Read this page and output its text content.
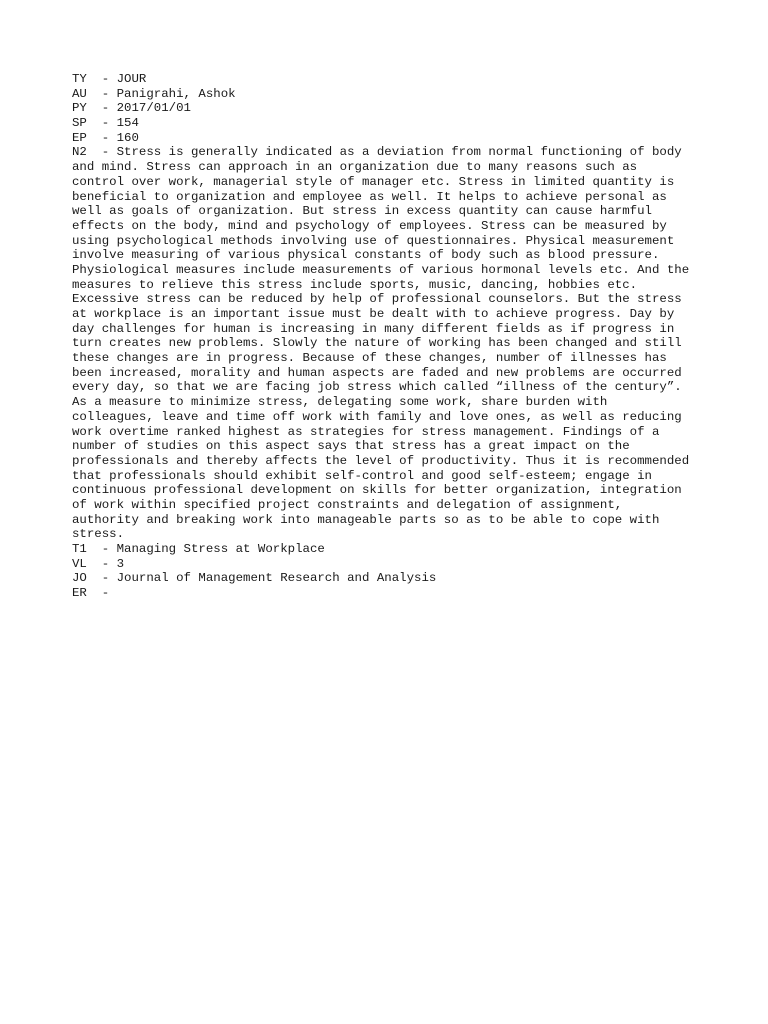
TY  - JOUR
AU  - Panigrahi, Ashok
PY  - 2017/01/01
SP  - 154
EP  - 160
N2  - Stress is generally indicated as a deviation from normal functioning of body
and mind. Stress can approach in an organization due to many reasons such as
control over work, managerial style of manager etc. Stress in limited quantity is
beneficial to organization and employee as well. It helps to achieve personal as
well as goals of organization. But stress in excess quantity can cause harmful
effects on the body, mind and psychology of employees. Stress can be measured by
using psychological methods involving use of questionnaires. Physical measurement
involve measuring of various physical constants of body such as blood pressure.
Physiological measures include measurements of various hormonal levels etc. And the
measures to relieve this stress include sports, music, dancing, hobbies etc.
Excessive stress can be reduced by help of professional counselors. But the stress
at workplace is an important issue must be dealt with to achieve progress. Day by
day challenges for human is increasing in many different fields as if progress in
turn creates new problems. Slowly the nature of working has been changed and still
these changes are in progress. Because of these changes, number of illnesses has
been increased, morality and human aspects are faded and new problems are occurred
every day, so that we are facing job stress which called “illness of the century”.
As a measure to minimize stress, delegating some work, share burden with
colleagues, leave and time off work with family and love ones, as well as reducing
work overtime ranked highest as strategies for stress management. Findings of a
number of studies on this aspect says that stress has a great impact on the
professionals and thereby affects the level of productivity. Thus it is recommended
that professionals should exhibit self-control and good self-esteem; engage in
continuous professional development on skills for better organization, integration
of work within specified project constraints and delegation of assignment,
authority and breaking work into manageable parts so as to be able to cope with
stress.
T1  - Managing Stress at Workplace
VL  - 3
JO  - Journal of Management Research and Analysis
ER  -
